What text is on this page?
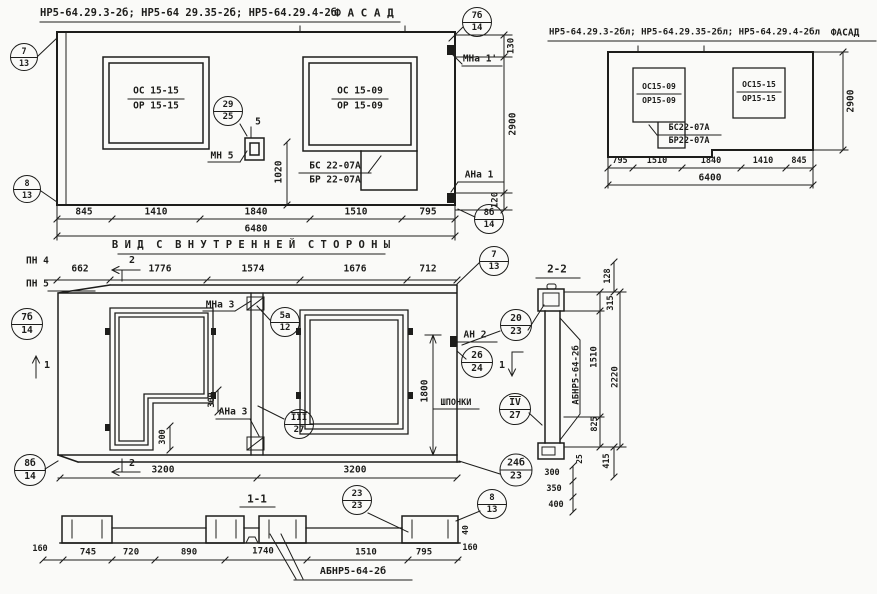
НР5-64.29.3-2б; НР5-64 29.35-2б; НР5-64.29.4-2б
Ф А С А Д
ОС 15-15
ОР 15-15
ОС 15-09
ОР 15-09
БС 22-07А
БР 22-07А
МН 5
5
1020
845	1410	1840	1510	795
6480
МНа 1'
АНа 1
130
2900
120
НР5-64.29.3-2бл; НР5-64.29.35-2бл; НР5-64.29.4-2бл ФАСАД
ОС15-09
ОР15-09
ОС15-15
ОР15-15
БС22-07А
БР22-07А
2900
795 1510	1840	1410 845
6400
В И Д  С  В Н У Т Р Е Н Н Е Й  С Т О Р О Н Ы
ПН 4
ПН 5
662	1776	1574	1676	712
2
2
МНа 3
АНа 3
300
300
АН 2
1
1
ШПОНКИ
1800
3200	3200
2-2
АБНР5-64-2б
128
315
1510
2220
825
25 415
300
350
400
1-1
160	745	720	890	1740	1510	795
40
160
АБНР5-64-2б
7
13
8
13
29
25
7б
14
8б
14
7б
14
5а
12
7
13
20
23
26
24
$\overline{III}$
27
$\overline{IV}$
27
24б
23
8
13
8б
14
23
23
